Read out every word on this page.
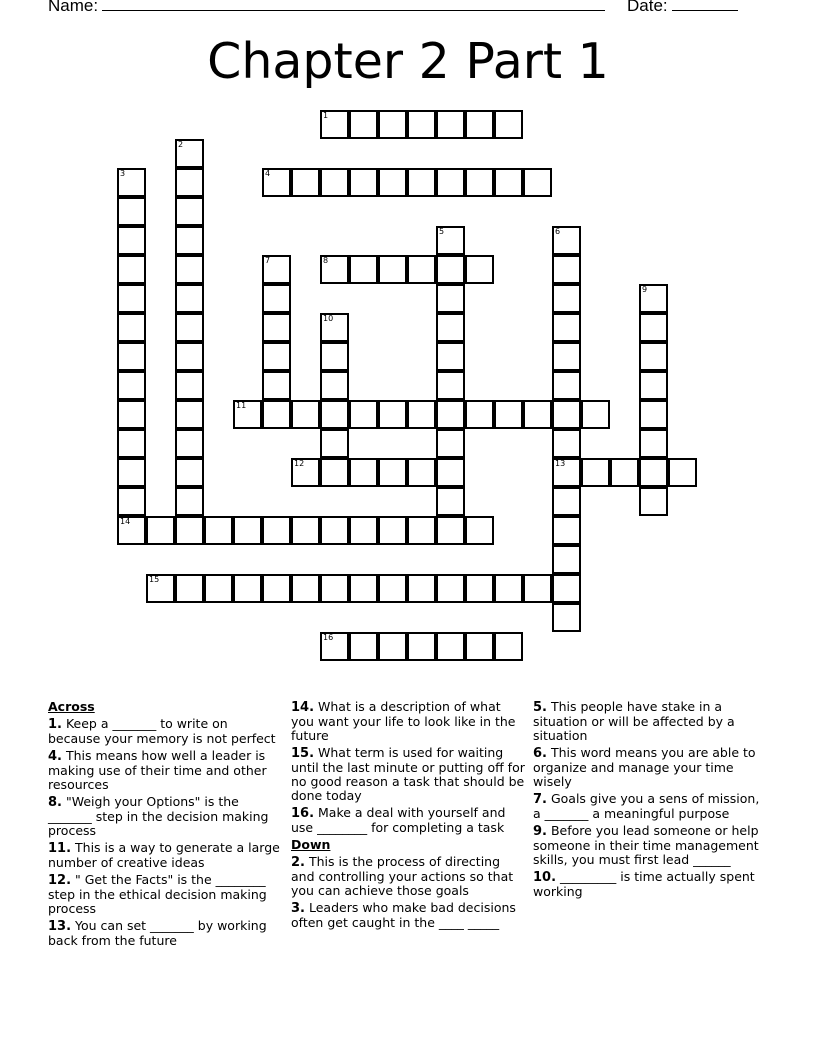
Name:	Date:
Chapter 2 Part 1
1
2
3	4
5	6
13
7	8
9
10
11
12
14
15
16
Across
1. Keep a _______ to write on because your memory is not perfect
4. This means how well a leader is making use of their time and other resources
8. "Weigh your Options" is the _______ step in the decision making process
11. This is a way to generate a large number of creative ideas
12. " Get the Facts" is the ________ step in the ethical decision making process
13. You can set _______ by working back from the future
14. What is a description of what you want your life to look like in the future
15. What term is used for waiting until the last minute or putting off for no good reason a task that should be done today
16. Make a deal with yourself and use ________ for completing a task
Down
2. This is the process of directing and controlling your actions so that you can achieve those goals
3. Leaders who make bad decisions often get caught in the ____ _____
5. This people have stake in a situation or will be affected by a situation
6. This word means you are able to organize and manage your time wisely
7. Goals give you a sens of mission, a _______ a meaningful purpose
9. Before you lead someone or help someone in their time management skills, you must first lead ______
10. _________ is time actually spent working
